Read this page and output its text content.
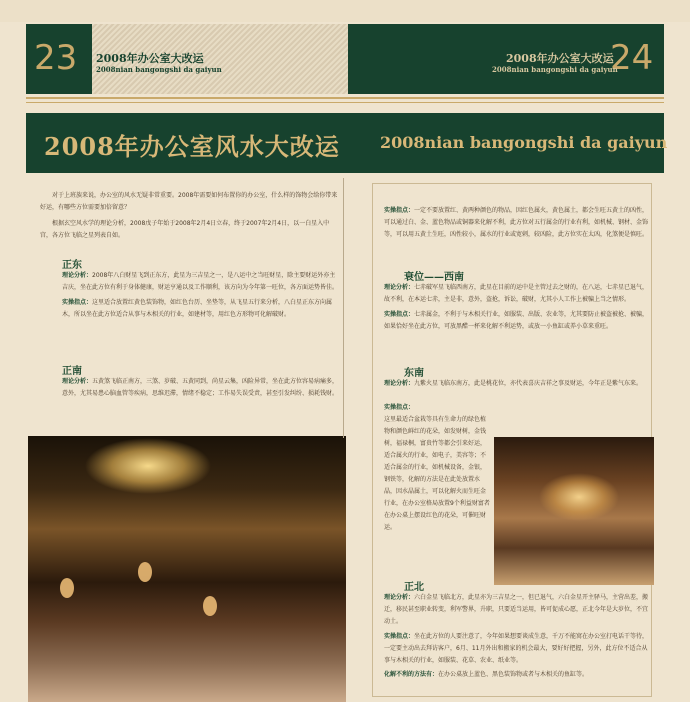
23	24
2008年办公室大改运
2008nian bangongshi da gaiyun
2008年办公室大改运
2008nian bangongshi da gaiyun
2008年办公室风水大改运	2008nian bangongshi da gaiyun

对于上班族来说，办公室的风水无疑非常重要。2008年需要如何布置你的办公室，什么样的饰物会给你带来好运，有哪些方位需要加倍留意？

根据玄空风水学的理论分析，2008戊子年始于2008年2月4日立春，终于2007年2月4日，以一白星入中宫，各方位飞临之星列表自如。

正东
理论分析：2008年八白财星飞到正东方，此星为三吉星之一，是八运中之当旺财星，除主要财运外亦主吉庆，坐在此方位有利于身体健康，财运亨通以及工作顺利，该方向为今年第一旺位，各方面运势皆佳。
实操指点：这里适合放置红黄色装饰物，如红色台历、坐垫等，从飞星五行来分析，八白星正东方向属木，所以坐在此方位适合从事与木相关的行业，如建材等，用红色方形物可化解破财。
正南
理论分析：五黄煞飞临正南方，三煞、岁破、五黄同到，尚星云集，凶险异常，坐在此方位容易病痛多，意外，尤其易患心脑血管等疾病，思维迟滞，情绪不稳定；工作易失误受责，甚至引发纠纷、损耗钱财。
实操指点：一定不要放置红、黄两种颜色的物品，因红色属火，黄色属土，都会生旺五黄土的凶性，可以通过白、金、蓝色物品或铜器来化解不利，此方位对五行属金的行业有利，如机械、钢材、金饰等，可以用五黄土生旺，凶性较小，属水的行业或宽刺，较凶险，此方位实在太凶，化煞便是慎旺。
衰位——西南
理论分析：七赤破军星飞临西南方，此星在目前的运中是主管过去之财的，在八运，七赤星已退气，故不利，在本运七赤，主是非，意外，盗抢，诉讼，破财，尤其小人工作上被骗上当之情形。
实操指点：七赤属金，不利于与木相关行业，如服装、出版、农业等，尤其要防止被盗被抢、被骗，如果恰好坐在此方位，可放黑醋一杯来化解不利运势，或放一小鱼缸或养小草来重旺。
东南
理论分析：九紫火星飞临东南方，此是桃花位，亦代表喜庆吉祥之事及财运，今年正是紫气东来。
实操指点：
这里最适合盆栽等具有生命力的绿色植物和颜色鲜红的花朵，如发财树，金钱树，福禄桐，富贵竹等都会引来好运，适合属火的行业，如电子，美容等；不适合属金的行业，如机械设备，金银，钢铁等，化解的方法是在此处放置水晶，因水晶属土，可以化解火而生旺金行业，在办公室格局放置9个利益财富者在办公桌上摆设红色的花朵，可催旺财运。
正北
理论分析：六白金星飞临北方，此星亦为三吉星之一，但已退气，六白金星开主驿马，主营出差，搬迁，移民甚至职业转变，利军警界，升职，只要适当运用，皆可促成心愿，正北今年是大岁位，不宜动土。
实操指点：坐在此方位的人要注意了，今年如果想要谈成生意，千万不能窝在办公室打电话干等待，一定要主动出去拜访客户，6月、11月外出和搬家的机会最大，要好好把握，另外，此方位不适合从事与木相关的行业，如服装、花草、农业、纸业等。
化解不利的方法有：在办公桌放上蓝色、黑色装饰物或者与木相关的鱼缸等。
